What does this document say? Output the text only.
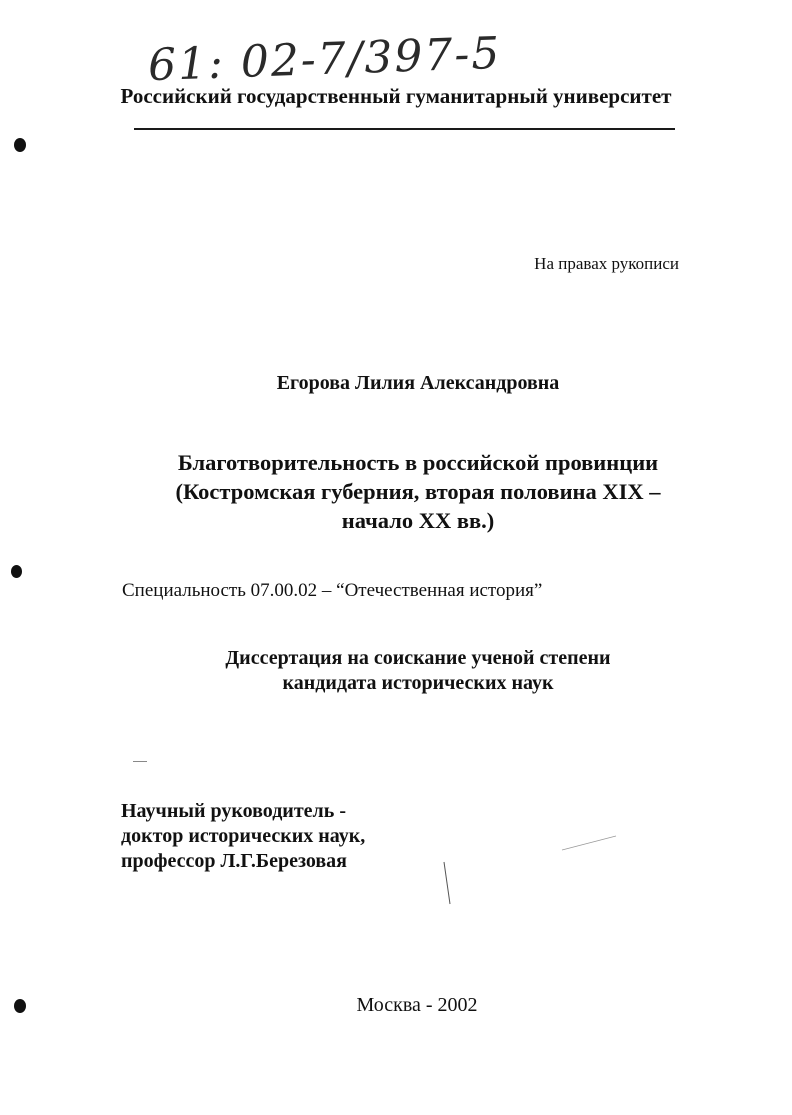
61: 02-7/397-5
Российский государственный гуманитарный университет
На правах рукописи
Егорова Лилия Александровна
Благотворительность в российской провинции
(Костромская губерния, вторая половина XIX –
начало XX вв.)
Специальность 07.00.02 – “Отечественная история”
Диссертация на соискание ученой степени
кандидата исторических наук
Научный руководитель -
доктор исторических наук,
профессор Л.Г.Березовая
Москва - 2002
